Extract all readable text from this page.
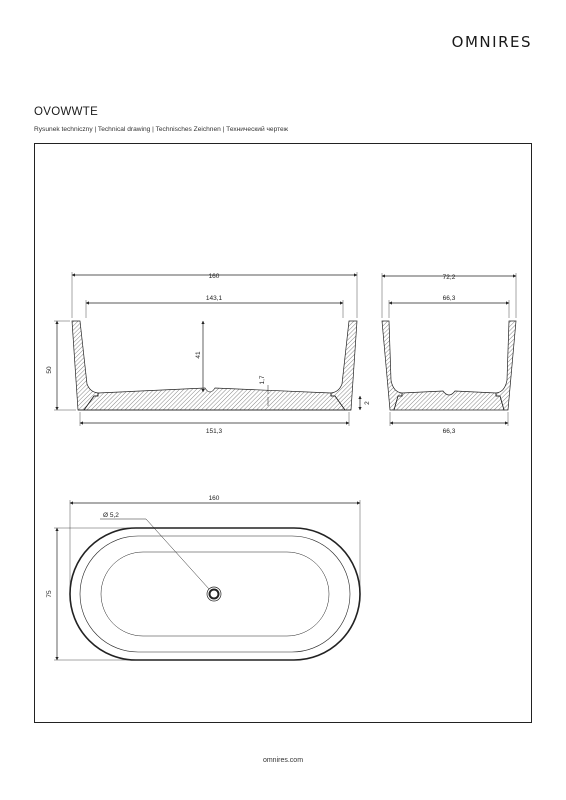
OMNIRES
OVOWWTE
Rysunek techniczny | Technical drawing | Technisches Zeichnen | Технический чертеж
160
143,1
151,3
50
41
1,7
2
72,2
66,3
66,3
160
Ø 5,2
75
omnires.com
